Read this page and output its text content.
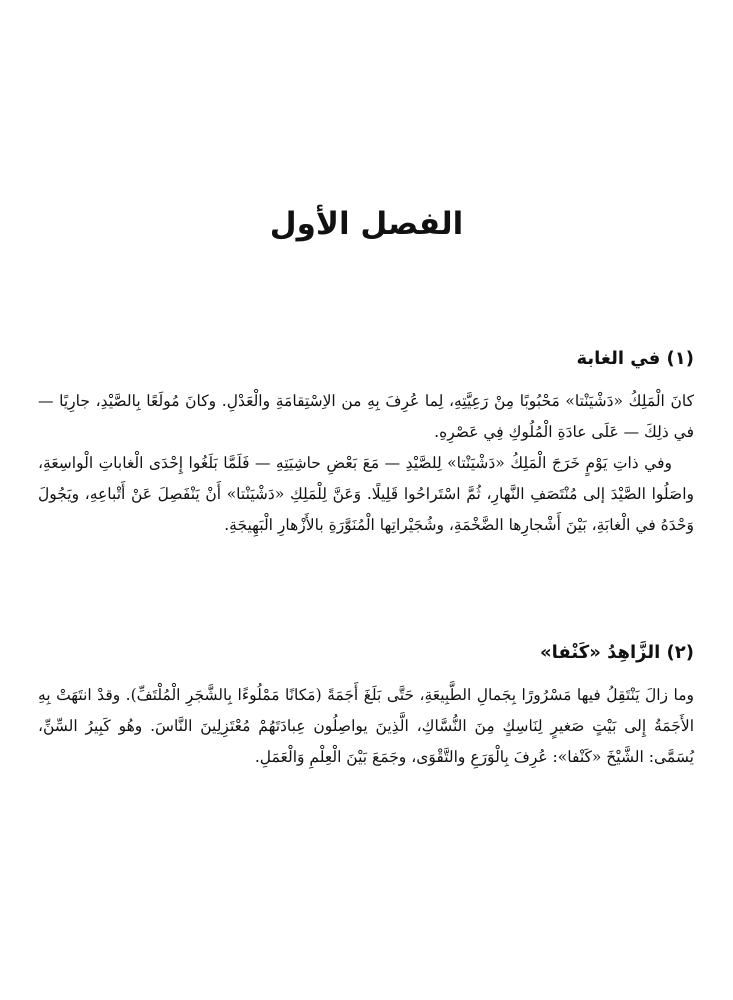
الفصل الأول
(١) في الغابة

كانَ الْمَلِكُ «دَشْيَنْتا» مَحْبُوبًا مِنْ رَعِيَّتِهِ، لِما عُرِفَ بِهِ من الاِسْتِقامَةِ والْعَدْلِ. وكانَ مُولَعًا بِالصَّيْدِ، جارِيًا — في ذلِكَ — عَلَى عادَةِ الْمُلُوكِ فِي عَصْرِهِ.

وفي ذاتِ يَوْمٍ خَرَجَ الْمَلِكُ «دَشْيَنْتا» لِلصَّيْدِ — مَعَ بَعْضِ حاشِيَتِهِ — فَلَمَّا بَلَغُوا إِحْدَى الْغاباتِ الْواسِعَةِ، واصَلُوا الصَّيْدَ إلى مُنْتَصَفِ النَّهارِ، ثُمَّ اسْتَراحُوا قَلِيلًا. وَعَنَّ لِلْمَلِكِ «دَشْيَنْتا» أَنْ يَنْفَصِلَ عَنْ أَتْباعِهِ، ويَجُولَ وَحْدَهُ في الْغابَةِ، بَيْنَ أَشْجارِها الضَّخْمَةِ، وشُجَيْراتِها الْمُنَوَّرَةِ بالأَزْهارِ الْبَهِيجَةِ.

(٢) الزَّاهِدُ «كَنْفا»

وما زالَ يَنْتَقِلُ فيها مَسْرُورًا بِجَمالِ الطَّبِيعَةِ، حَتَّى بَلَغَ أَجَمَةً (مَكانًا مَمْلُوءًا بِالشَّجَرِ الْمُلْتَفِّ). وقدْ انتَهَتْ بِهِ الأَجَمَةُ إِلى بَيْتٍ صَغيرٍ لِنَاسِكٍ مِنَ النُّسَّاكِ، الَّذِينَ يواصِلُون عِبادَتَهُمْ مُعْتَزِلِينَ النَّاسَ. وهُو كَبِيرُ السِّنِّ، يُسَمَّى: الشَّيْخَ «كَنْفا»: عُرِفَ بِالْوَرَعِ والتَّقْوَى، وجَمَعَ بَيْنَ الْعِلْمِ وَالْعَمَلِ.
